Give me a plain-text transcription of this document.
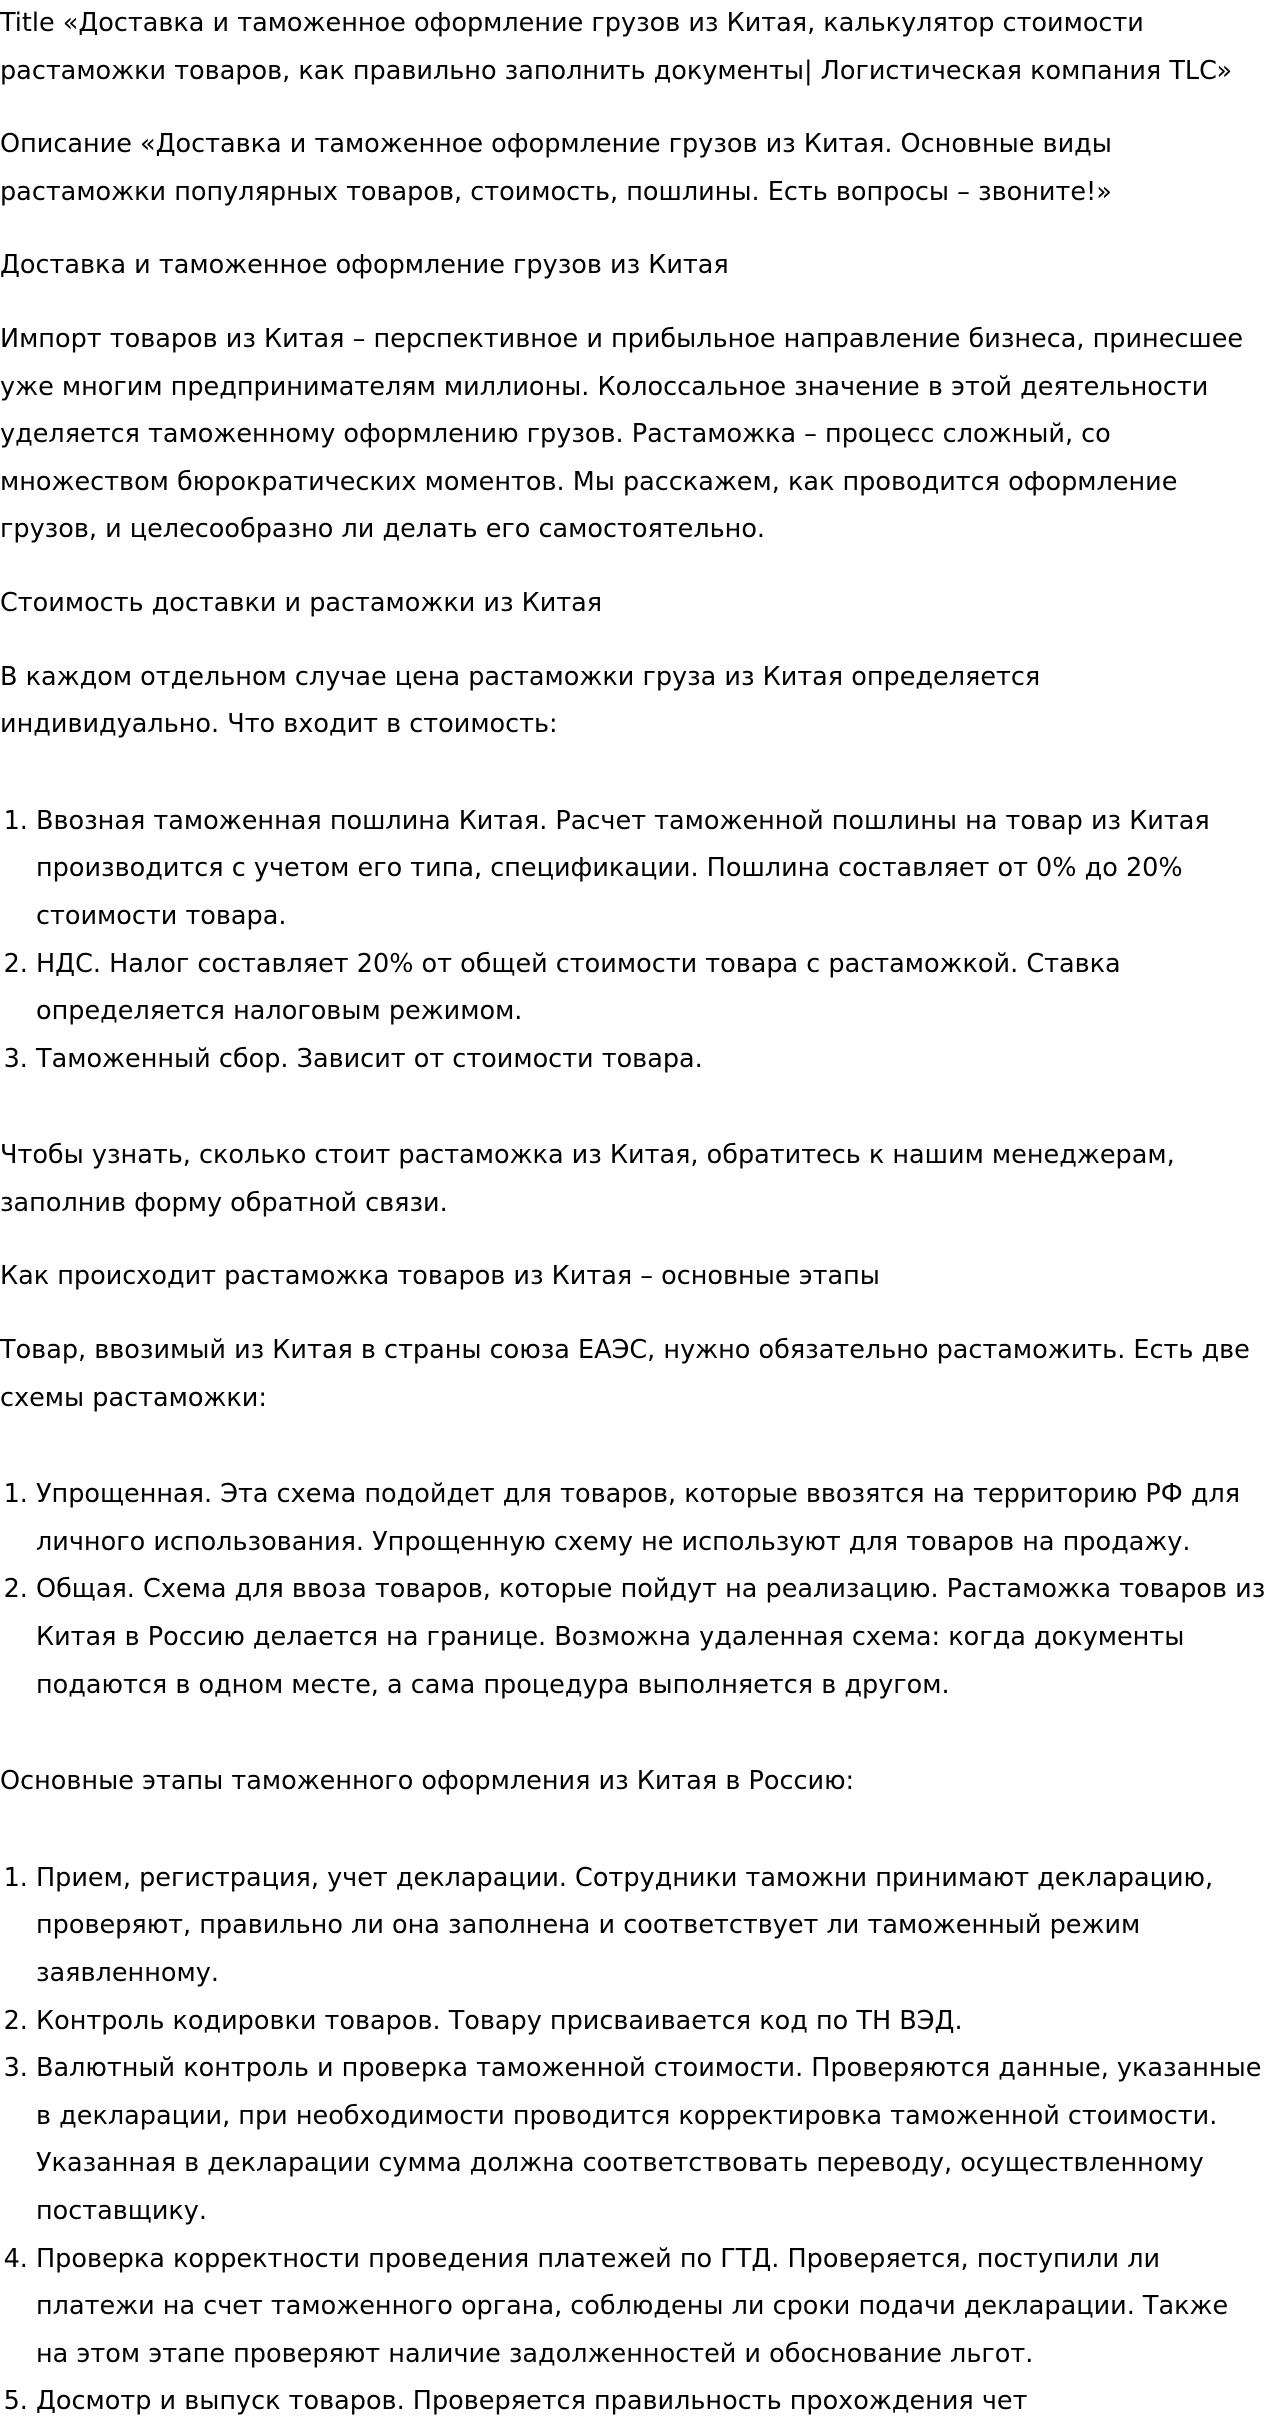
Title «Доставка и таможенное оформление грузов из Китая, калькулятор стоимости растаможки товаров, как правильно заполнить документы| Логистическая компания TLC»

Описание «Доставка и таможенное оформление грузов из Китая. Основные виды растаможки популярных товаров, стоимость, пошлины. Есть вопросы – звоните!»

Доставка и таможенное оформление грузов из Китая

Импорт товаров из Китая – перспективное и прибыльное направление бизнеса, принесшее уже многим предпринимателям миллионы. Колоссальное значение в этой деятельности уделяется таможенному оформлению грузов. Растаможка – процесс сложный, со множеством бюрократических моментов. Мы расскажем, как проводится оформление грузов, и целесообразно ли делать его самостоятельно.

Стоимость доставки и растаможки из Китая

В каждом отдельном случае цена растаможки груза из Китая определяется индивидуально. Что входит в стоимость:

1. Ввозная таможенная пошлина Китая. Расчет таможенной пошлины на товар из Китая производится с учетом его типа, спецификации. Пошлина составляет от 0% до 20% стоимости товара.
2. НДС. Налог составляет 20% от общей стоимости товара с растаможкой. Ставка определяется налоговым режимом.
3. Таможенный сбор. Зависит от стоимости товара.

Чтобы узнать, сколько стоит растаможка из Китая, обратитесь к нашим менеджерам, заполнив форму обратной связи.

Как происходит растаможка товаров из Китая – основные этапы

Товар, ввозимый из Китая в страны союза ЕАЭС, нужно обязательно растаможить. Есть две схемы растаможки:

1. Упрощенная. Эта схема подойдет для товаров, которые ввозятся на территорию РФ для личного использования. Упрощенную схему не используют для товаров на продажу.
2. Общая. Схема для ввоза товаров, которые пойдут на реализацию. Растаможка товаров из Китая в Россию делается на границе. Возможна удаленная схема: когда документы подаются в одном месте, а сама процедура выполняется в другом.

Основные этапы таможенного оформления из Китая в Россию:

1. Прием, регистрация, учет декларации. Сотрудники таможни принимают декларацию, проверяют, правильно ли она заполнена и соответствует ли таможенный режим заявленному.
2. Контроль кодировки товаров. Товару присваивается код по ТН ВЭД.
3. Валютный контроль и проверка таможенной стоимости. Проверяются данные, указанные в декларации, при необходимости проводится корректировка таможенной стоимости. Указанная в декларации сумма должна соответствовать переводу, осуществленному поставщику.
4. Проверка корректности проведения платежей по ГТД. Проверяется, поступили ли платежи на счет таможенного органа, соблюдены ли сроки подачи декларации. Также на этом этапе проверяют наличие задолженностей и обоснование льгот.
5. Досмотр и выпуск товаров. Проверяется правильность прохождения чет
